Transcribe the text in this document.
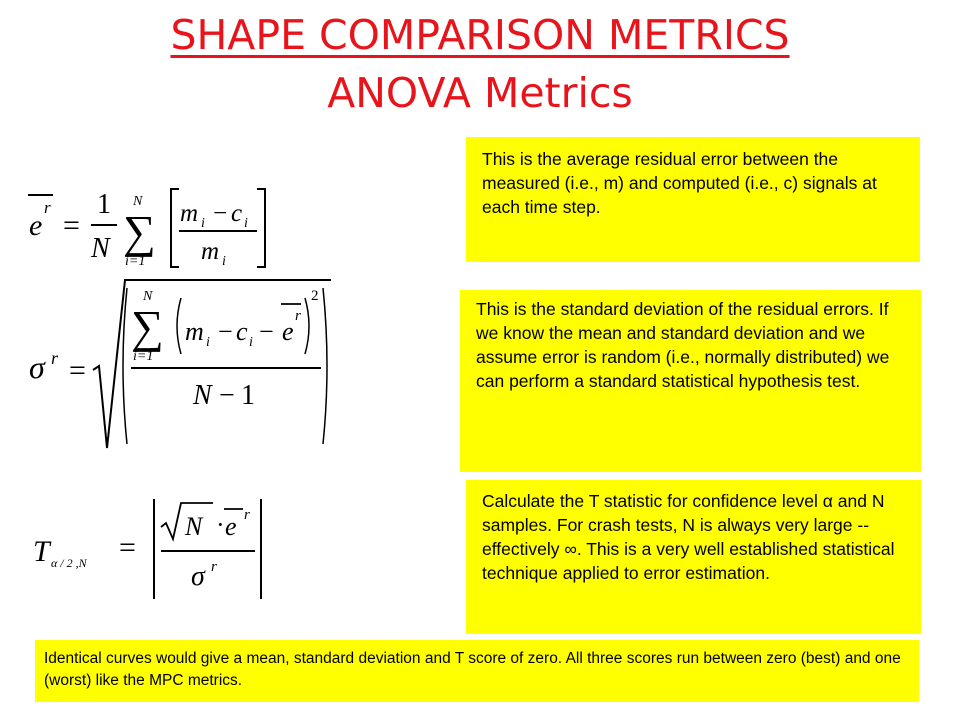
SHAPE COMPARISON METRICS
ANOVA Metrics
e
r
=
1
N
N
∑
i=1
m i − c i
m i
σ r =
N
∑
i=1
m i − c i − e
r
2
N − 1
T α / 2 ,N =
N · e r
σ r
This is the average residual error between the measured (i.e., m) and computed (i.e., c) signals at each time step.
This is the standard deviation of the residual errors. If we know the mean and standard deviation and we assume error is random (i.e., normally distributed) we can perform a standard statistical hypothesis test.
Calculate the T statistic for confidence level α and N samples. For crash tests, N is always very large -- effectively ∞. This is a very well established statistical technique applied to error estimation.
Identical curves would give a mean, standard deviation and T score of zero. All three scores run between zero (best) and one (worst) like the MPC metrics.
